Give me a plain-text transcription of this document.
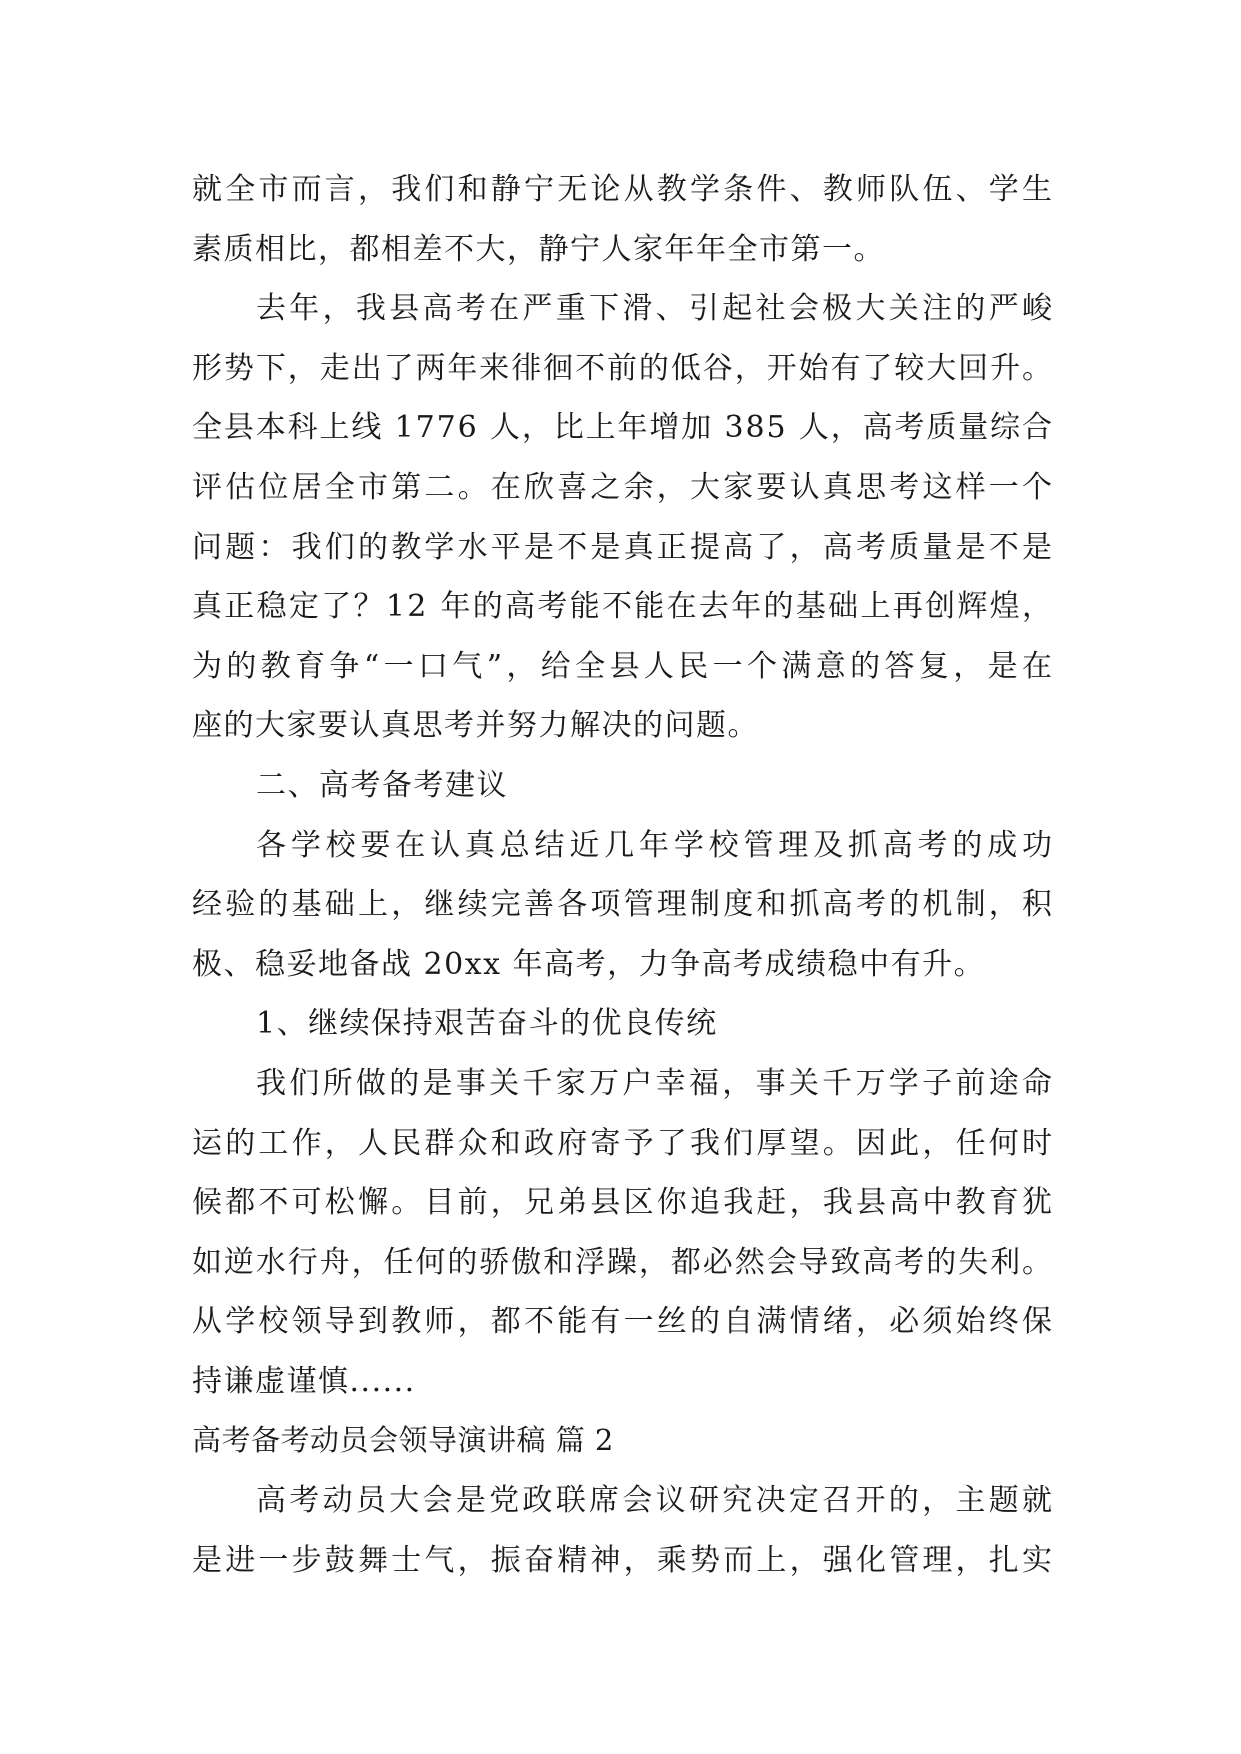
就全市而言，我们和静宁无论从教学条件、教师队伍、学生
素质相比，都相差不大，静宁人家年年全市第一。
去年，我县高考在严重下滑、引起社会极大关注的严峻
形势下，走出了两年来徘徊不前的低谷，开始有了较大回升。
全县本科上线 1776 人，比上年增加 385 人，高考质量综合
评估位居全市第二。在欣喜之余，大家要认真思考这样一个
问题：我们的教学水平是不是真正提高了，高考质量是不是
真正稳定了？12 年的高考能不能在去年的基础上再创辉煌，
为的教育争“一口气”，给全县人民一个满意的答复，是在
座的大家要认真思考并努力解决的问题。
二、高考备考建议
各学校要在认真总结近几年学校管理及抓高考的成功
经验的基础上，继续完善各项管理制度和抓高考的机制，积
极、稳妥地备战 20xx 年高考，力争高考成绩稳中有升。
1、继续保持艰苦奋斗的优良传统
我们所做的是事关千家万户幸福，事关千万学子前途命
运的工作，人民群众和政府寄予了我们厚望。因此，任何时
候都不可松懈。目前，兄弟县区你追我赶，我县高中教育犹
如逆水行舟，任何的骄傲和浮躁，都必然会导致高考的失利。
从学校领导到教师，都不能有一丝的自满情绪，必须始终保
持谦虚谨慎......
高考备考动员会领导演讲稿 篇 2
高考动员大会是党政联席会议研究决定召开的，主题就
是进一步鼓舞士气，振奋精神，乘势而上，强化管理，扎实
